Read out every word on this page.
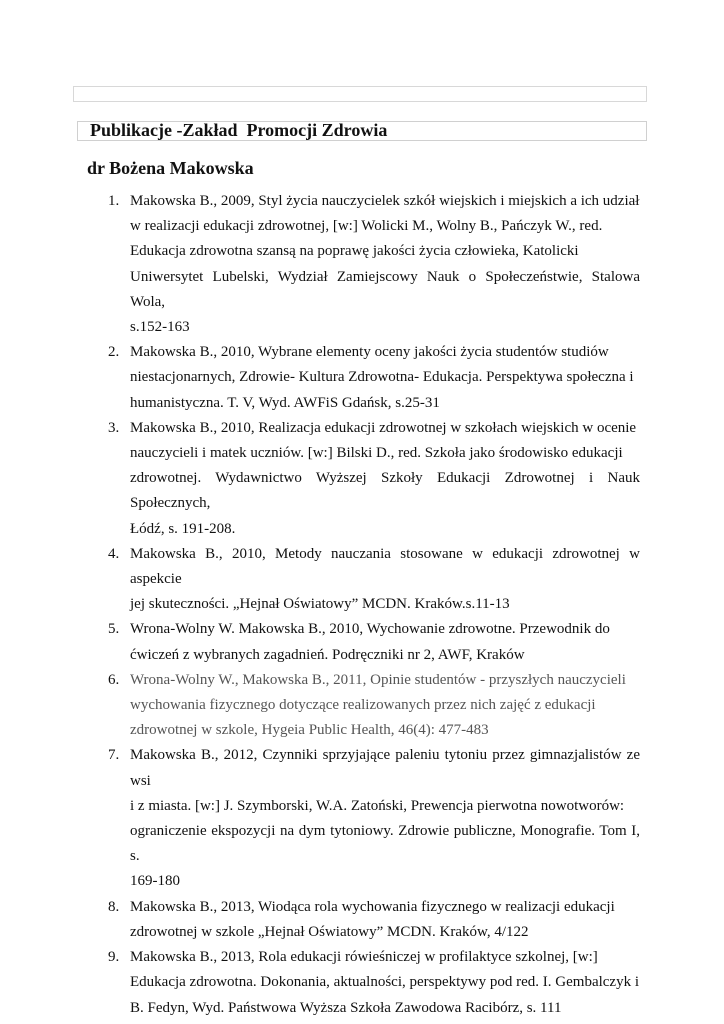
Publikacje -Zakład  Promocji Zdrowia
dr Bożena Makowska
1. Makowska B., 2009, Styl życia nauczycielek szkół wiejskich i miejskich a ich udział
w realizacji edukacji zdrowotnej, [w:] Wolicki M., Wolny B., Pańczyk W., red.
Edukacja zdrowotna szansą na poprawę jakości życia człowieka, Katolicki
Uniwersytet Lubelski, Wydział Zamiejscowy Nauk o Społeczeństwie, Stalowa Wola,
s.152-163
2. Makowska B., 2010, Wybrane elementy oceny jakości życia studentów studiów
niestacjonarnych, Zdrowie- Kultura Zdrowotna- Edukacja. Perspektywa społeczna i
humanistyczna. T. V, Wyd. AWFiS Gdańsk, s.25-31
3. Makowska B., 2010, Realizacja edukacji zdrowotnej w szkołach wiejskich w ocenie
nauczycieli i matek uczniów. [w:] Bilski D., red. Szkoła jako środowisko edukacji
zdrowotnej. Wydawnictwo Wyższej Szkoły Edukacji Zdrowotnej i Nauk Społecznych,
Łódź, s. 191-208.
4. Makowska B., 2010, Metody nauczania stosowane w edukacji zdrowotnej w aspekcie
jej skuteczności. „Hejnał Oświatowy” MCDN. Kraków.s.11-13
5. Wrona-Wolny W. Makowska B., 2010, Wychowanie zdrowotne. Przewodnik do
ćwiczeń z wybranych zagadnień. Podręczniki nr 2, AWF, Kraków
6. Wrona-Wolny W., Makowska B., 2011, Opinie studentów - przyszłych nauczycieli
wychowania fizycznego dotyczące realizowanych przez nich zajęć z edukacji
zdrowotnej w szkole, Hygeia Public Health, 46(4): 477-483
7. Makowska B., 2012, Czynniki sprzyjające paleniu tytoniu przez gimnazjalistów ze wsi
i z miasta. [w:] J. Szymborski, W.A. Zatoński, Prewencja pierwotna nowotworów:
ograniczenie ekspozycji na dym tytoniowy. Zdrowie publiczne, Monografie. Tom I, s.
169-180
8. Makowska B., 2013, Wiodąca rola wychowania fizycznego w realizacji edukacji
zdrowotnej w szkole „Hejnał Oświatowy” MCDN. Kraków, 4/122
9. Makowska B., 2013, Rola edukacji rówieśniczej w profilaktyce szkolnej, [w:]
Edukacja zdrowotna. Dokonania, aktualności, perspektywy pod red. I. Gembalczyk i
B. Fedyn, Wyd. Państwowa Wyższa Szkoła Zawodowa Racibórz, s. 111
